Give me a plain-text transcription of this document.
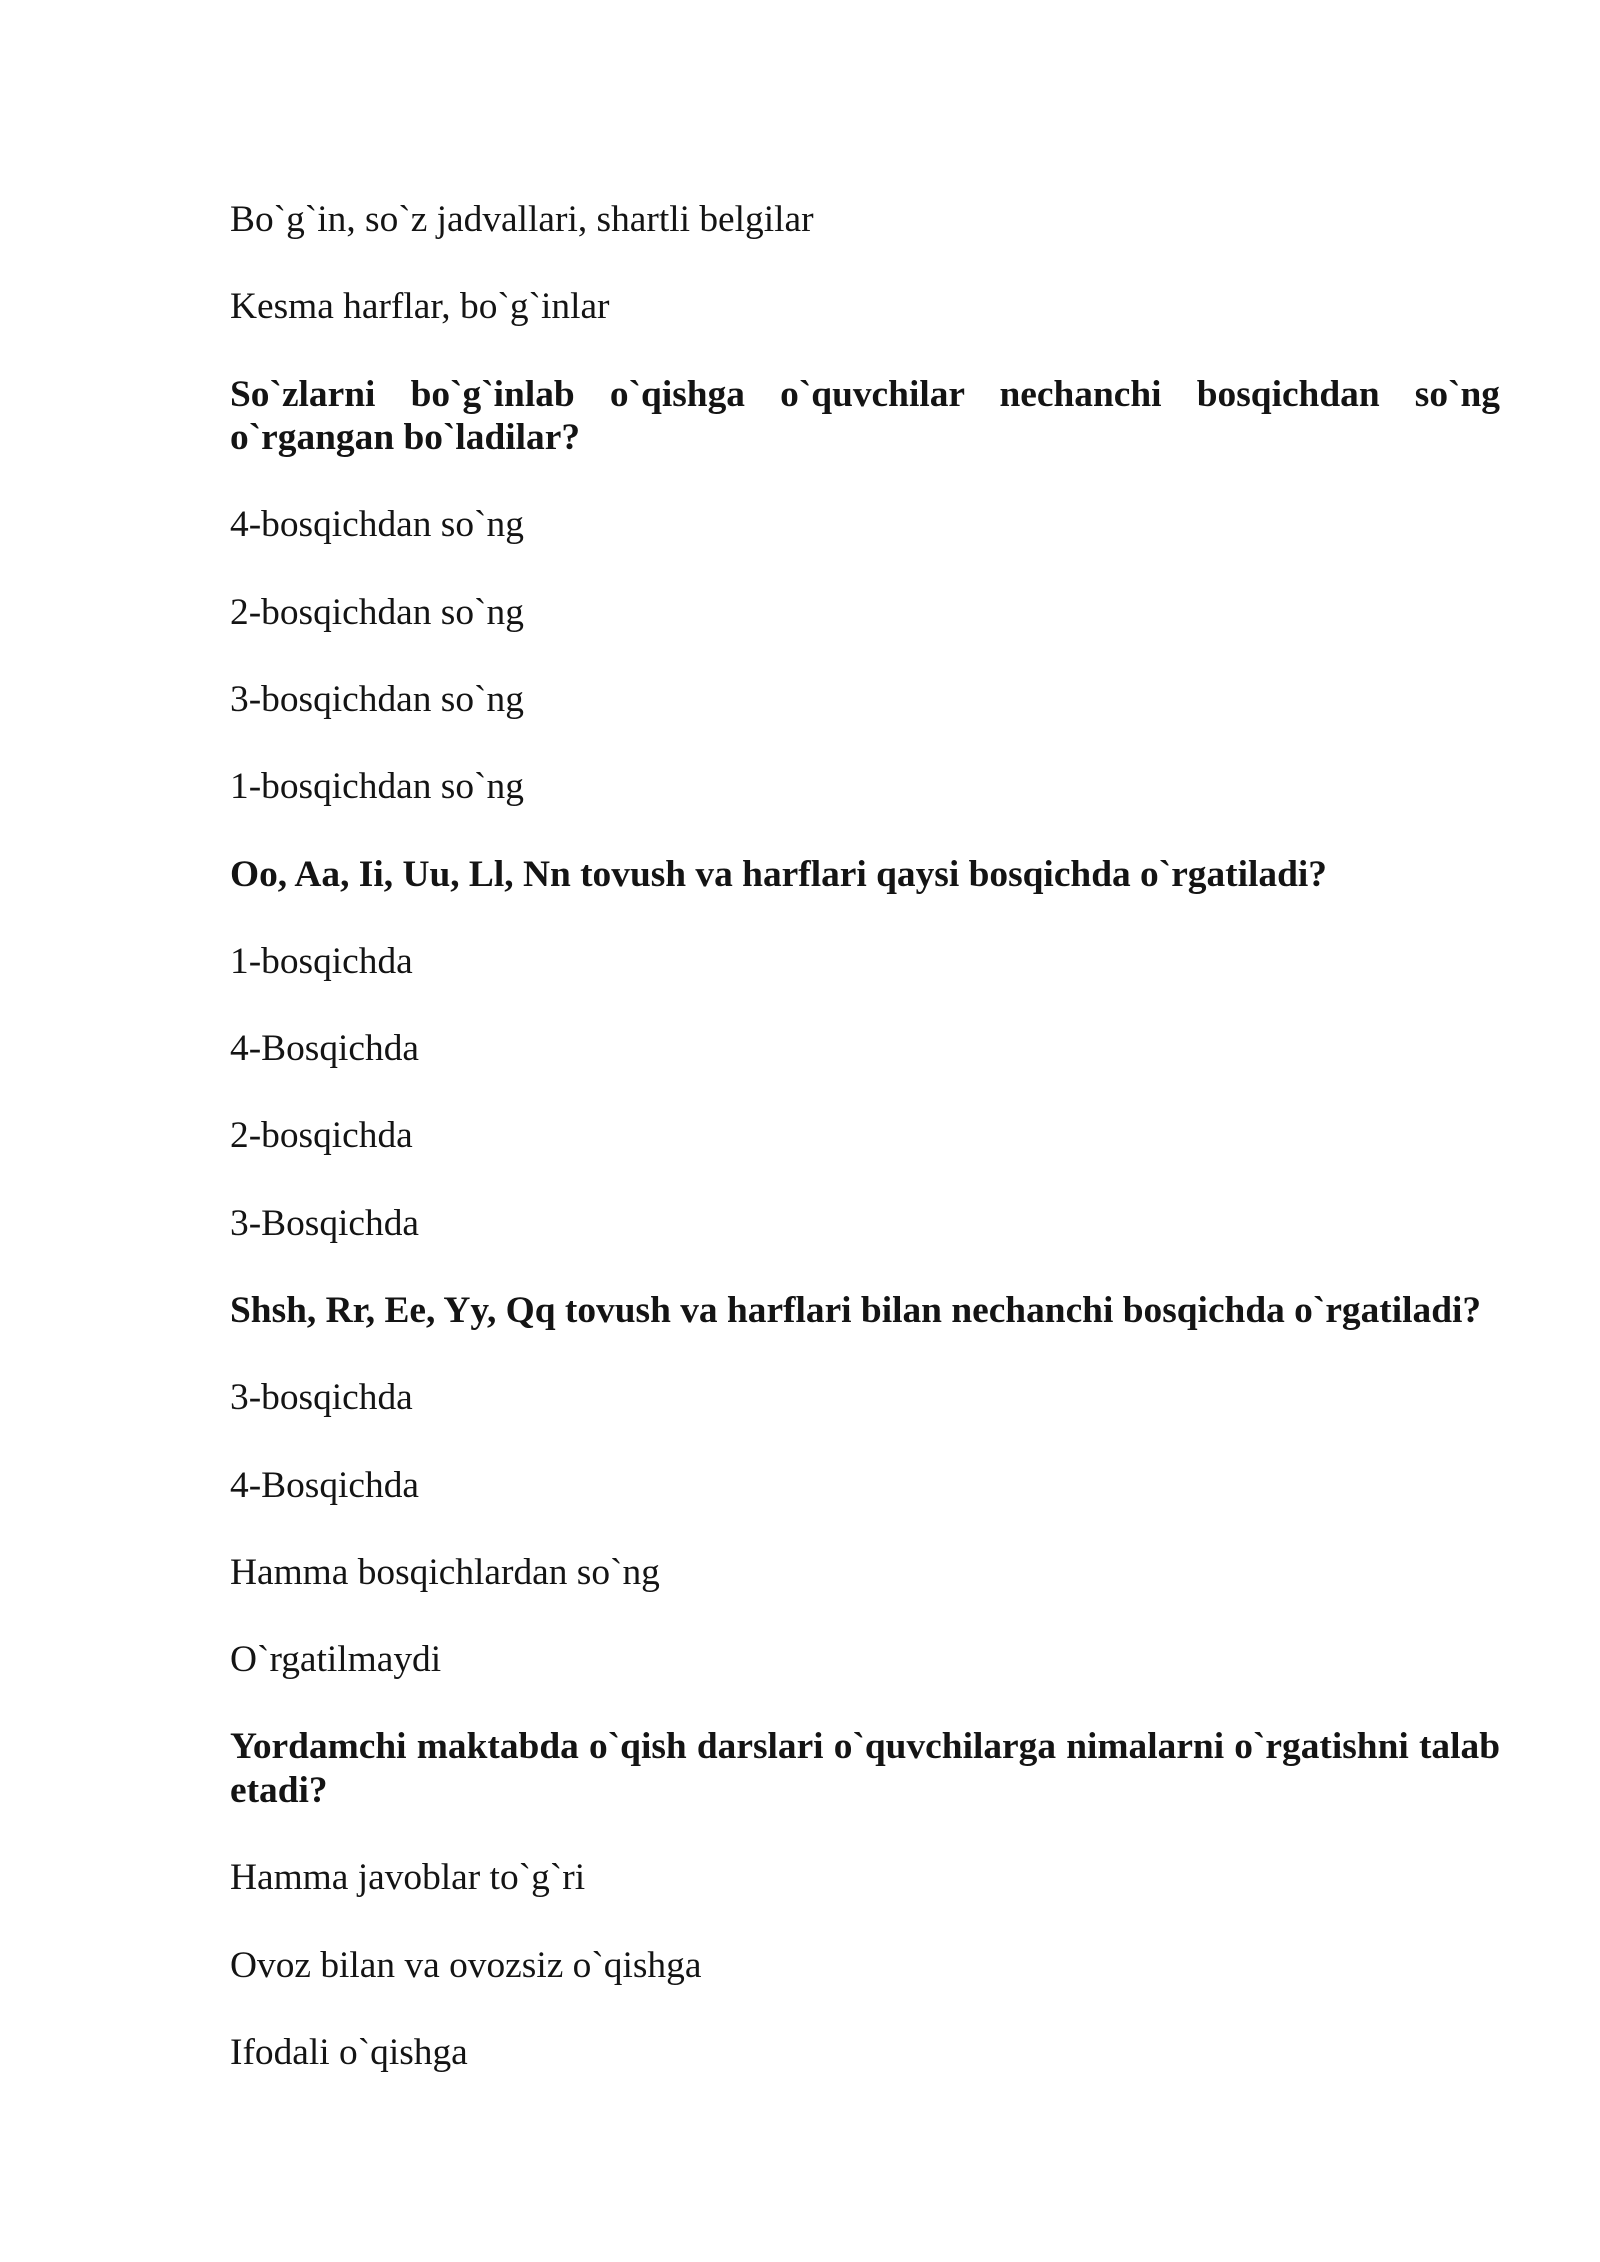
Bo`g`in, so`z jadvallari, shartli belgilar

Kesma harflar, bo`g`inlar

So`zlarni bo`g`inlab o`qishga o`quvchilar nechanchi bosqichdan so`ng o`rgangan bo`ladilar?

4-bosqichdan so`ng

2-bosqichdan so`ng

3-bosqichdan so`ng

1-bosqichdan so`ng

Oo, Aa, Ii, Uu, Ll, Nn tovush va harflari qaysi bosqichda o`rgatiladi?

1-bosqichda

4-Bosqichda

2-bosqichda

3-Bosqichda

Shsh, Rr, Ee, Yy, Qq tovush va harflari bilan nechanchi bosqichda o`rgatiladi?

3-bosqichda

4-Bosqichda

Hamma bosqichlardan so`ng

O`rgatilmaydi

Yordamchi maktabda o`qish darslari o`quvchilarga nimalarni o`rgatishni talab etadi?

Hamma javoblar to`g`ri

Ovoz bilan va ovozsiz o`qishga

Ifodali o`qishga
